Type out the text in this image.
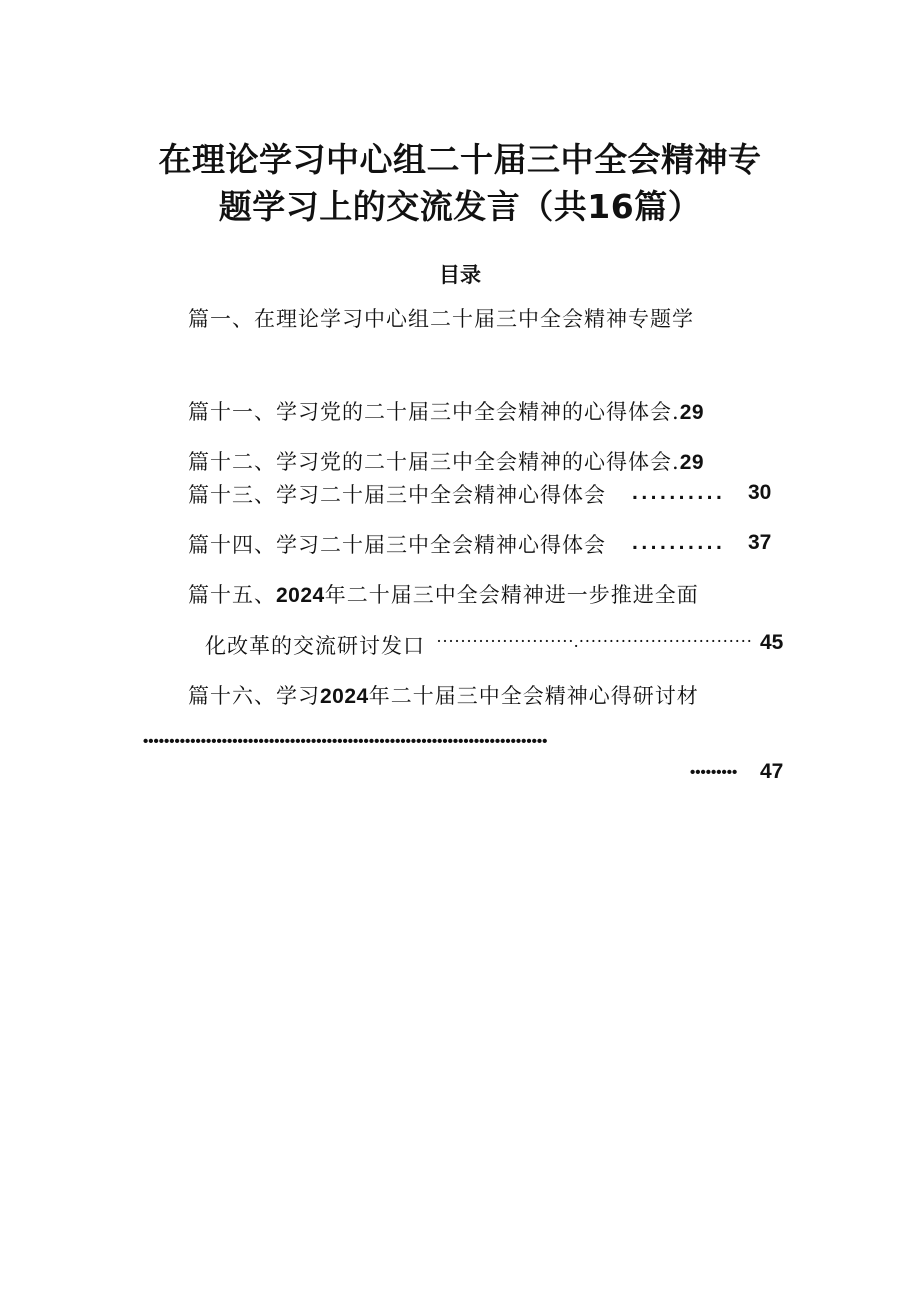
在理论学习中心组二十届三中全会精神专
题学习上的交流发言（共16篇）
目录
篇一、在理论学习中心组二十届三中全会精神专题学
篇十一、学习党的二十届三中全会精神的心得体会.29
篇十二、学习党的二十届三中全会精神的心得体会.29
篇十三、学习二十届三中全会精神心得体会 .......... 30
篇十四、学习二十届三中全会精神心得体会 .......... 37
篇十五、2024年二十届三中全会精神进一步推进全面
化改革的交流研讨发口 ·······················.····························· 45
篇十六、学习2024年二十届三中全会精神心得研讨材
•••••••••••••••••••••••••••••••••••••••••••••••••••••••••••••••••••••••••••••
••••••••• 47
